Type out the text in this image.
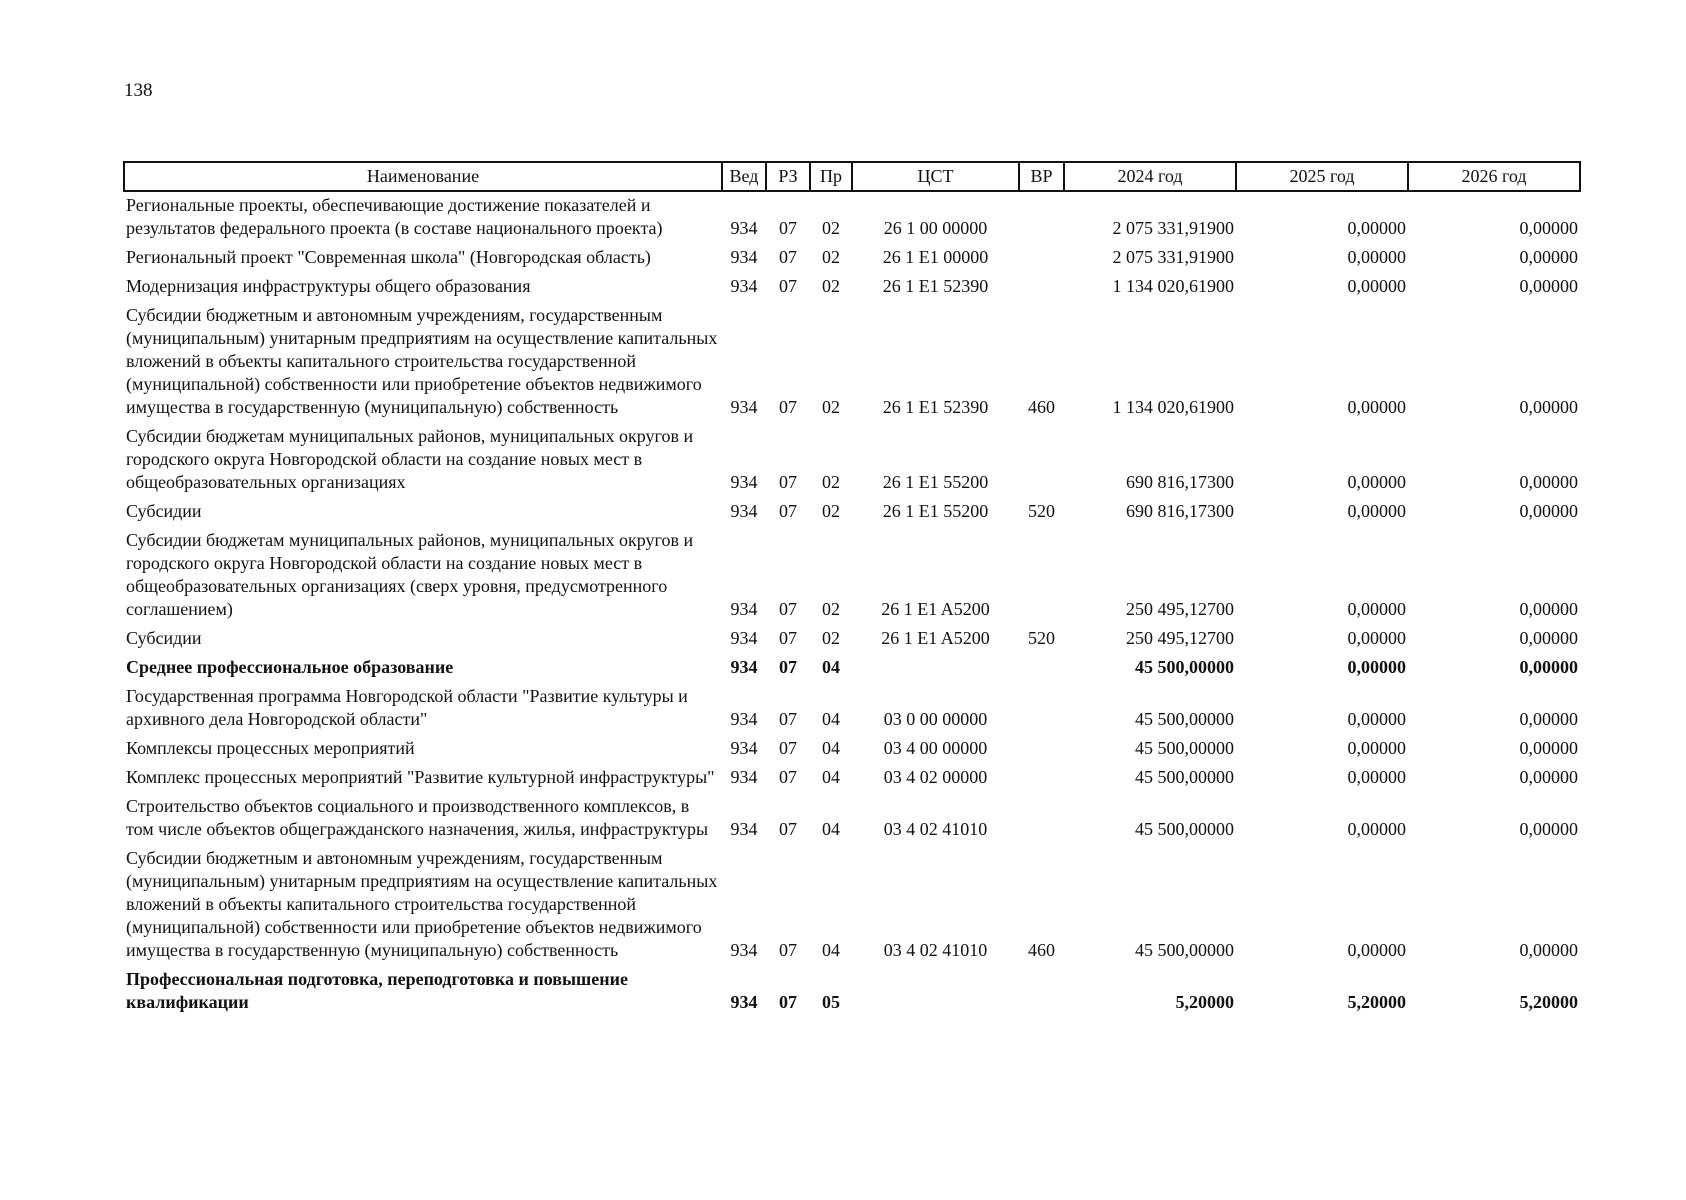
138
Наименование	Вед	РЗ	Пр	ЦСТ	ВР	2024 год	2025 год	2026 год
Региональные проекты, обеспечивающие достижение показателей и результатов федерального проекта (в составе национального проекта)	934	07	02	26 1 00 00000		2 075 331,91900	0,00000	0,00000
Региональный проект "Современная школа" (Новгородская область)	934	07	02	26 1 E1 00000		2 075 331,91900	0,00000	0,00000
Модернизация инфраструктуры общего образования	934	07	02	26 1 E1 52390		1 134 020,61900	0,00000	0,00000
Субсидии бюджетным и автономным учреждениям, государственным (муниципальным) унитарным предприятиям на осуществление капитальных вложений в объекты капитального строительства государственной (муниципальной) собственности или приобретение объектов недвижимого имущества в государственную (муниципальную) собственность	934	07	02	26 1 E1 52390	460	1 134 020,61900	0,00000	0,00000
Субсидии бюджетам муниципальных районов, муниципальных округов и городского округа Новгородской области на создание новых мест в общеобразовательных организациях	934	07	02	26 1 E1 55200		690 816,17300	0,00000	0,00000
Субсидии	934	07	02	26 1 E1 55200	520	690 816,17300	0,00000	0,00000
Субсидии бюджетам муниципальных районов, муниципальных округов и городского округа Новгородской области на создание новых мест в общеобразовательных организациях (сверх уровня, предусмотренного соглашением)	934	07	02	26 1 E1 A5200		250 495,12700	0,00000	0,00000
Субсидии	934	07	02	26 1 E1 A5200	520	250 495,12700	0,00000	0,00000
Среднее профессиональное образование	934	07	04			45 500,00000	0,00000	0,00000
Государственная программа Новгородской области "Развитие культуры и архивного дела Новгородской области"	934	07	04	03 0 00 00000		45 500,00000	0,00000	0,00000
Комплексы процессных мероприятий	934	07	04	03 4 00 00000		45 500,00000	0,00000	0,00000
Комплекс процессных мероприятий "Развитие культурной инфраструктуры"	934	07	04	03 4 02 00000		45 500,00000	0,00000	0,00000
Строительство объектов социального и производственного комплексов, в том числе объектов общегражданского назначения, жилья, инфраструктуры	934	07	04	03 4 02 41010		45 500,00000	0,00000	0,00000
Субсидии бюджетным и автономным учреждениям, государственным (муниципальным) унитарным предприятиям на осуществление капитальных вложений в объекты капитального строительства государственной (муниципальной) собственности или приобретение объектов недвижимого имущества в государственную (муниципальную) собственность	934	07	04	03 4 02 41010	460	45 500,00000	0,00000	0,00000
Профессиональная подготовка, переподготовка и повышение квалификации	934	07	05			5,20000	5,20000	5,20000
